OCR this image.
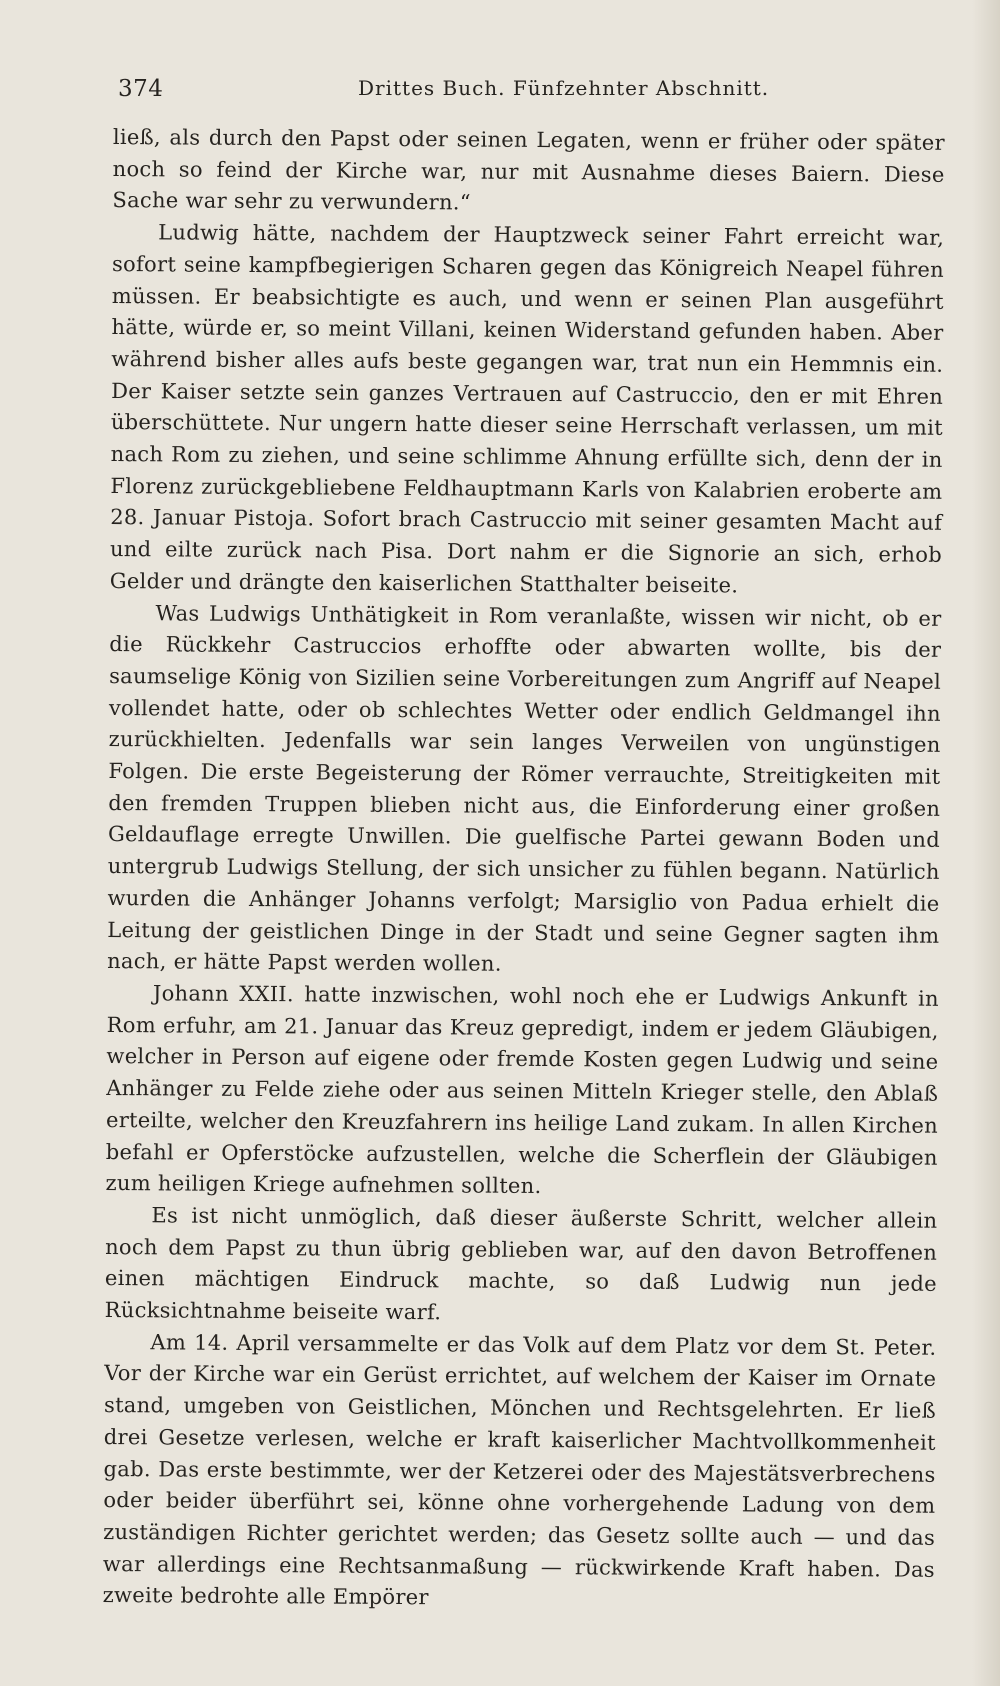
374	Drittes Buch. Fünfzehnter Abschnitt.

ließ, als durch den Papst oder seinen Legaten, wenn er früher oder später noch so feind der Kirche war, nur mit Ausnahme dieses Baiern. Diese Sache war sehr zu verwundern.“

Ludwig hätte, nachdem der Hauptzweck seiner Fahrt erreicht war, sofort seine kampfbegierigen Scharen gegen das Königreich Neapel führen müssen. Er beabsichtigte es auch, und wenn er seinen Plan ausgeführt hätte, würde er, so meint Villani, keinen Widerstand gefunden haben. Aber während bisher alles aufs beste gegangen war, trat nun ein Hemmnis ein. Der Kaiser setzte sein ganzes Vertrauen auf Castruccio, den er mit Ehren überschüttete. Nur ungern hatte dieser seine Herrschaft verlassen, um mit nach Rom zu ziehen, und seine schlimme Ahnung erfüllte sich, denn der in Florenz zurückgebliebene Feldhauptmann Karls von Kalabrien eroberte am 28. Januar Pistoja. Sofort brach Castruccio mit seiner gesamten Macht auf und eilte zurück nach Pisa. Dort nahm er die Signorie an sich, erhob Gelder und drängte den kaiserlichen Statthalter beiseite.

Was Ludwigs Unthätigkeit in Rom veranlaßte, wissen wir nicht, ob er die Rückkehr Castruccios erhoffte oder abwarten wollte, bis der saumselige König von Sizilien seine Vorbereitungen zum Angriff auf Neapel vollendet hatte, oder ob schlechtes Wetter oder endlich Geldmangel ihn zurückhielten. Jedenfalls war sein langes Verweilen von ungünstigen Folgen. Die erste Begeisterung der Römer verrauchte, Streitigkeiten mit den fremden Truppen blieben nicht aus, die Einforderung einer großen Geldauflage erregte Unwillen. Die guelfische Partei gewann Boden und untergrub Ludwigs Stellung, der sich unsicher zu fühlen begann. Natürlich wurden die Anhänger Johanns verfolgt; Marsiglio von Padua erhielt die Leitung der geistlichen Dinge in der Stadt und seine Gegner sagten ihm nach, er hätte Papst werden wollen.

Johann XXII. hatte inzwischen, wohl noch ehe er Ludwigs Ankunft in Rom erfuhr, am 21. Januar das Kreuz gepredigt, indem er jedem Gläubigen, welcher in Person auf eigene oder fremde Kosten gegen Ludwig und seine Anhänger zu Felde ziehe oder aus seinen Mitteln Krieger stelle, den Ablaß erteilte, welcher den Kreuzfahrern ins heilige Land zukam. In allen Kirchen befahl er Opferstöcke aufzustellen, welche die Scherflein der Gläubigen zum heiligen Kriege aufnehmen sollten.

Es ist nicht unmöglich, daß dieser äußerste Schritt, welcher allein noch dem Papst zu thun übrig geblieben war, auf den davon Betroffenen einen mächtigen Eindruck machte, so daß Ludwig nun jede Rücksichtnahme beiseite warf.

Am 14. April versammelte er das Volk auf dem Platz vor dem St. Peter. Vor der Kirche war ein Gerüst errichtet, auf welchem der Kaiser im Ornate stand, umgeben von Geistlichen, Mönchen und Rechtsgelehrten. Er ließ drei Gesetze verlesen, welche er kraft kaiserlicher Machtvollkommenheit gab. Das erste bestimmte, wer der Ketzerei oder des Majestätsverbrechens oder beider überführt sei, könne ohne vorhergehende Ladung von dem zuständigen Richter gerichtet werden; das Gesetz sollte auch — und das war allerdings eine Rechtsanmaßung — rückwirkende Kraft haben. Das zweite bedrohte alle Empörer
